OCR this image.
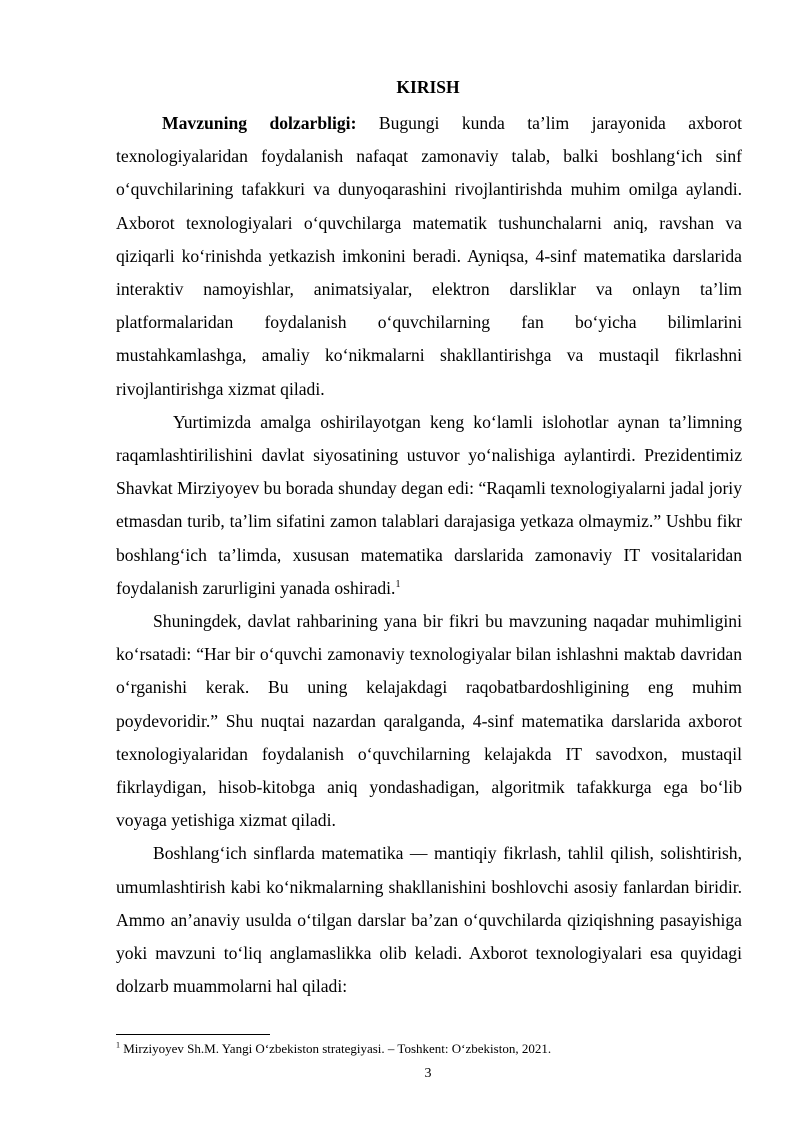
KIRISH

Mavzuning dolzarbligi: Bugungi kunda ta’lim jarayonida axborot texnologiyalaridan foydalanish nafaqat zamonaviy talab, balki boshlang‘ich sinf o‘quvchilarining tafakkuri va dunyoqarashini rivojlantirishda muhim omilga aylandi. Axborot texnologiyalari o‘quvchilarga matematik tushunchalarni aniq, ravshan va qiziqarli ko‘rinishda yetkazish imkonini beradi. Ayniqsa, 4-sinf matematika darslarida interaktiv namoyishlar, animatsiyalar, elektron darsliklar va onlayn ta’lim platformalaridan foydalanish o‘quvchilarning fan bo‘yicha bilimlarini mustahkamlashga, amaliy ko‘nikmalarni shakllantirishga va mustaqil fikrlashni rivojlantirishga xizmat qiladi.

Yurtimizda amalga oshirilayotgan keng ko‘lamli islohotlar aynan ta’limning raqamlashtirilishini davlat siyosatining ustuvor yo‘nalishiga aylantirdi. Prezidentimiz Shavkat Mirziyoyev bu borada shunday degan edi: “Raqamli texnologiyalarni jadal joriy etmasdan turib, ta’lim sifatini zamon talablari darajasiga yetkaza olmaymiz.” Ushbu fikr boshlang‘ich ta’limda, xususan matematika darslarida zamonaviy IT vositalaridan foydalanish zarurligini yanada oshiradi.$^1$

Shuningdek, davlat rahbarining yana bir fikri bu mavzuning naqadar muhimligini ko‘rsatadi: “Har bir o‘quvchi zamonaviy texnologiyalar bilan ishlashni maktab davridan o‘rganishi kerak. Bu uning kelajakdagi raqobatbardoshligining eng muhim poydevoridir.” Shu nuqtai nazardan qaralganda, 4-sinf matematika darslarida axborot texnologiyalaridan foydalanish o‘quvchilarning kelajakda IT savodxon, mustaqil fikrlaydigan, hisob-kitobga aniq yondashadigan, algoritmik tafakkurga ega bo‘lib voyaga yetishiga xizmat qiladi.

Boshlang‘ich sinflarda matematika — mantiqiy fikrlash, tahlil qilish, solishtirish, umumlashtirish kabi ko‘nikmalarning shakllanishini boshlovchi asosiy fanlardan biridir. Ammo an’anaviy usulda o‘tilgan darslar ba’zan o‘quvchilarda qiziqishning pasayishiga yoki mavzuni to‘liq anglamaslikka olib keladi. Axborot texnologiyalari esa quyidagi dolzarb muammolarni hal qiladi:

$^1$ Mirziyoyev Sh.M. Yangi O‘zbekiston strategiyasi. – Toshkent: O‘zbekiston, 2021.

3
